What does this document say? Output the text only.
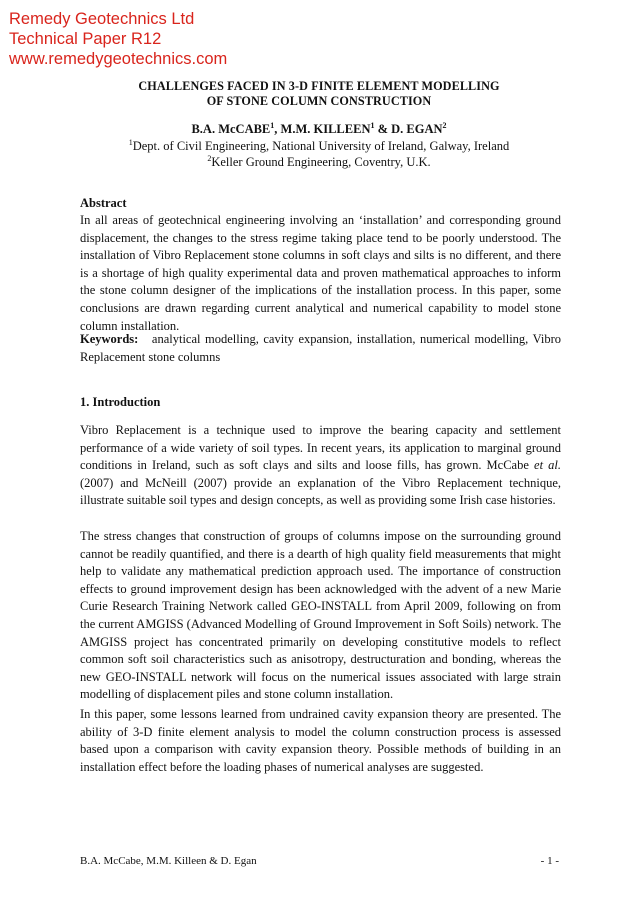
Remedy Geotechnics Ltd
Technical Paper R12
www.remedygeotechnics.com
CHALLENGES FACED IN 3-D FINITE ELEMENT MODELLING
OF STONE COLUMN CONSTRUCTION
B.A. McCABE$^1$, M.M. KILLEEN$^1$ & D. EGAN$^2$
$^1$Dept. of Civil Engineering, National University of Ireland, Galway, Ireland
$^2$Keller Ground Engineering, Coventry, U.K.
Abstract
In all areas of geotechnical engineering involving an ‘installation’ and corresponding ground displacement, the changes to the stress regime taking place tend to be poorly understood. The installation of Vibro Replacement stone columns in soft clays and silts is no different, and there is a shortage of high quality experimental data and proven mathematical approaches to inform the stone column designer of the implications of the installation process. In this paper, some conclusions are drawn regarding current analytical and numerical capability to model stone column installation.
Keywords: analytical modelling, cavity expansion, installation, numerical modelling, Vibro Replacement stone columns
1. Introduction
Vibro Replacement is a technique used to improve the bearing capacity and settlement performance of a wide variety of soil types. In recent years, its application to marginal ground conditions in Ireland, such as soft clays and silts and loose fills, has grown. McCabe et al. (2007) and McNeill (2007) provide an explanation of the Vibro Replacement technique, illustrate suitable soil types and design concepts, as well as providing some Irish case histories.
The stress changes that construction of groups of columns impose on the surrounding ground cannot be readily quantified, and there is a dearth of high quality field measurements that might help to validate any mathematical prediction approach used. The importance of construction effects to ground improvement design has been acknowledged with the advent of a new Marie Curie Research Training Network called GEO-INSTALL from April 2009, following on from the current AMGISS (Advanced Modelling of Ground Improvement in Soft Soils) network. The AMGISS project has concentrated primarily on developing constitutive models to reflect common soft soil characteristics such as anisotropy, destructuration and bonding, whereas the new GEO-INSTALL network will focus on the numerical issues associated with large strain modelling of displacement piles and stone column installation.
In this paper, some lessons learned from undrained cavity expansion theory are presented. The ability of 3-D finite element analysis to model the column construction process is assessed based upon a comparison with cavity expansion theory. Possible methods of building in an installation effect before the loading phases of numerical analyses are suggested.
B.A. McCabe, M.M. Killeen & D. Egan	- 1 -
